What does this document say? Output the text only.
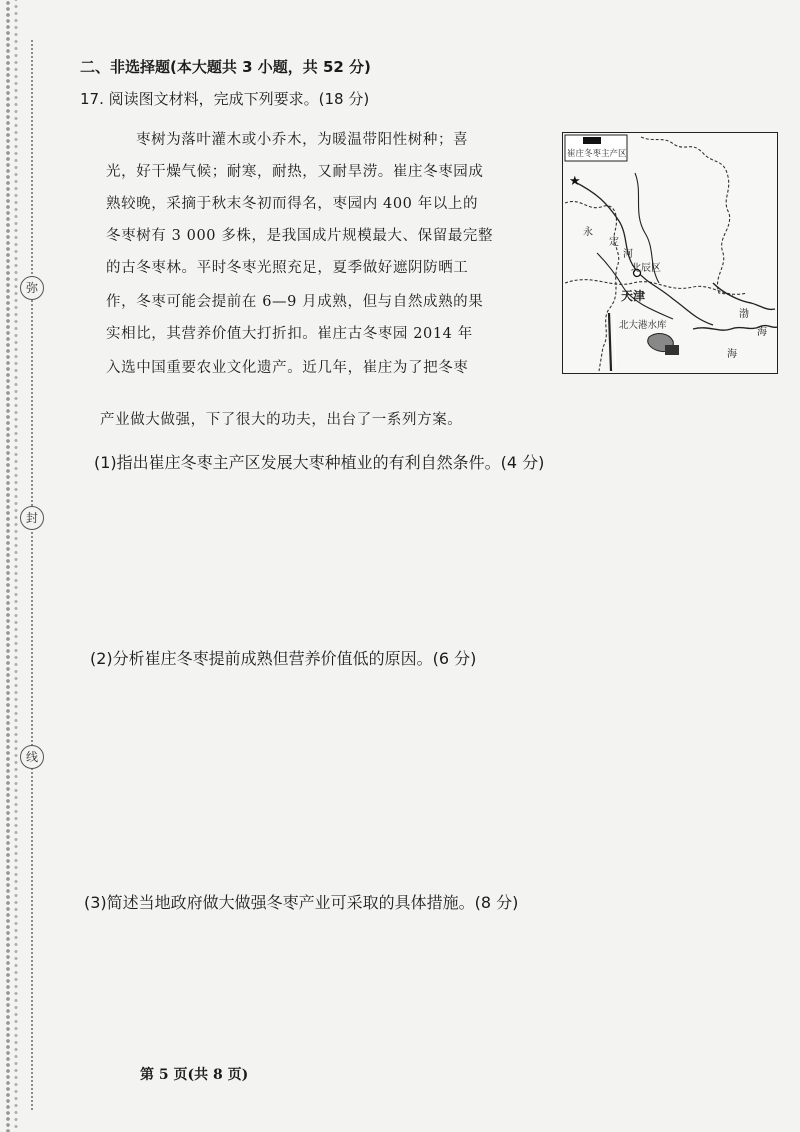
弥
封
线
二、非选择题(本大题共 3 小题，共 52 分)
17. 阅读图文材料，完成下列要求。(18 分)
枣树为落叶灌木或小乔木，为暖温带阳性树种；喜
光，好干燥气候；耐寒，耐热，又耐旱涝。崔庄冬枣园成
熟较晚，采摘于秋末冬初而得名，枣园内 400 年以上的
冬枣树有 3 000 多株，是我国成片规模最大、保留最完整
的古冬枣林。平时冬枣光照充足，夏季做好遮阴防晒工
作，冬枣可能会提前在 6—9 月成熟，但与自然成熟的果
实相比，其营养价值大打折扣。崔庄古冬枣园 2014 年
入选中国重要农业文化遗产。近几年，崔庄为了把冬枣
产业做大做强，下了很大的功夫，出台了一系列方案。
★
崔庄冬枣主产区
永
定
河
北辰区
天津
北大港水库
渤
海
海
(1)指出崔庄冬枣主产区发展大枣种植业的有利自然条件。(4 分)
(2)分析崔庄冬枣提前成熟但营养价值低的原因。(6 分)
(3)简述当地政府做大做强冬枣产业可采取的具体措施。(8 分)
第 5 页(共 8 页)
